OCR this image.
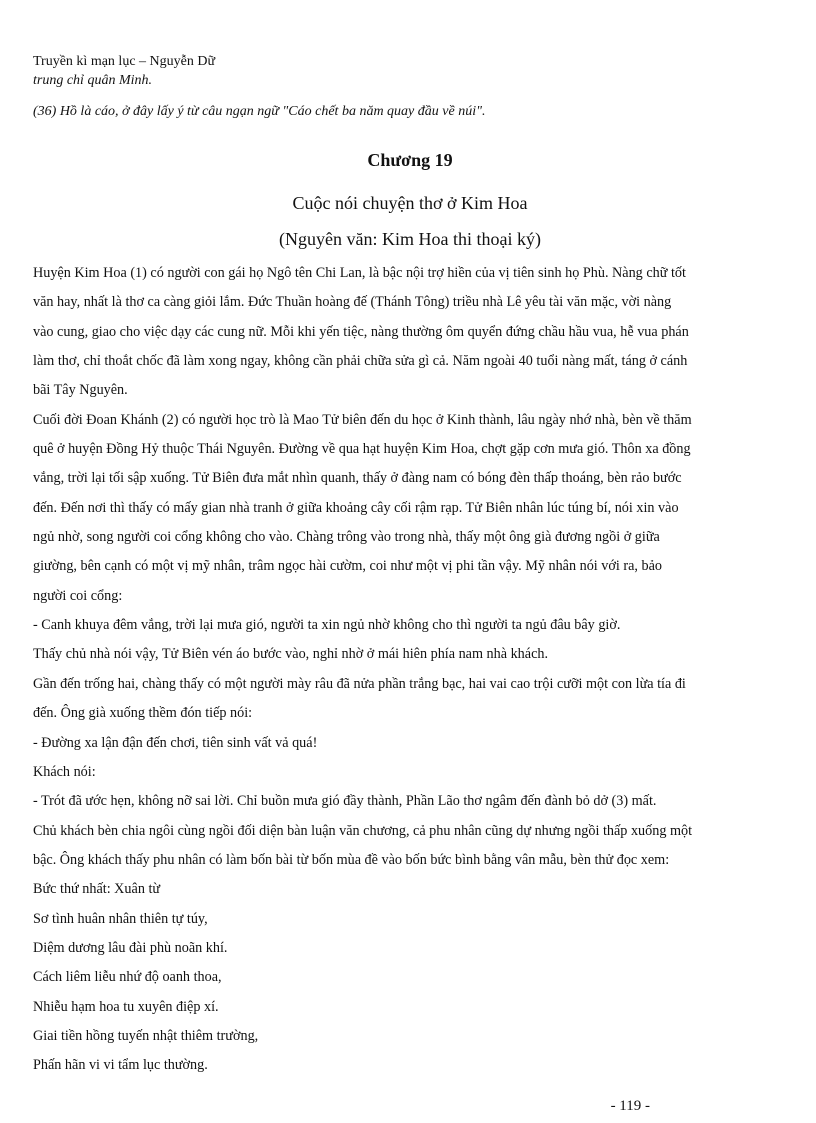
Truyền kì mạn lục – Nguyễn Dữ
trung chỉ quân Minh.
(36) Hồ là cáo, ở đây lấy ý từ câu ngạn ngữ "Cáo chết ba năm quay đầu về núi".
Chương 19
Cuộc nói chuyện thơ ở Kim Hoa
(Nguyên văn: Kim Hoa thi thoại ký)
Huyện Kim Hoa (1) có người con gái họ Ngô tên Chi Lan, là bậc nội trợ hiền của vị tiên sinh họ Phù. Nàng chữ tốt
văn hay, nhất là thơ ca càng giỏi lắm. Đức Thuần hoàng đế (Thánh Tông) triều nhà Lê yêu tài văn mặc, vời nàng
vào cung, giao cho việc dạy các cung nữ. Mỗi khi yến tiệc, nàng thường ôm quyển đứng chầu hầu vua, hễ vua phán
làm thơ, chỉ thoắt chốc đã làm xong ngay, không cần phải chữa sửa gì cả. Năm ngoài 40 tuổi nàng mất, táng ở cánh
bãi Tây Nguyên.
Cuối đời Đoan Khánh (2) có người học trò là Mao Tử biên đến du học ở Kinh thành, lâu ngày nhớ nhà, bèn về thăm
quê ở huyện Đồng Hỷ thuộc Thái Nguyên. Đường về qua hạt huyện Kim Hoa, chợt gặp cơn mưa gió. Thôn xa đồng
vắng, trời lại tối sập xuống. Tử Biên đưa mắt nhìn quanh, thấy ở đàng nam có bóng đèn thấp thoáng, bèn rảo bước
đến. Đến nơi thì thấy có mấy gian nhà tranh ở giữa khoảng cây cối rậm rạp. Tử Biên nhân lúc túng bí, nói xin vào
ngủ nhờ, song người coi cổng không cho vào. Chàng trông vào trong nhà, thấy một ông già đương ngồi ở giữa
giường, bên cạnh có một vị mỹ nhân, trâm ngọc hài cườm, coi như một vị phi tần vậy. Mỹ nhân nói với ra, bảo
người coi cổng:
- Canh khuya đêm vắng, trời lại mưa gió, người ta xin ngủ nhờ không cho thì người ta ngủ đâu bây giờ.
Thấy chủ nhà nói vậy, Tử Biên vén áo bước vào, nghỉ nhờ ở mái hiên phía nam nhà khách.
Gần đến trống hai, chàng thấy có một người mày râu đã nửa phần trắng bạc, hai vai cao trội cưỡi một con lừa tía đi
đến. Ông già xuống thềm đón tiếp nói:
- Đường xa lận đận đến chơi, tiên sinh vất vả quá!
Khách nói:
- Trót đã ước hẹn, không nỡ sai lời. Chỉ buồn mưa gió đầy thành, Phần Lão thơ ngâm đến đành bỏ dở (3) mất.
Chủ khách bèn chia ngôi cùng ngồi đối diện bàn luận văn chương, cả phu nhân cũng dự nhưng ngồi thấp xuống một
bậc. Ông khách thấy phu nhân có làm bốn bài từ bốn mùa đề vào bốn bức bình bằng vân mẫu, bèn thử đọc xem:
Bức thứ nhất: Xuân từ
Sơ tình huân nhân thiên tự túy,
Diệm dương lâu đài phù noãn khí.
Cách liêm liễu nhứ độ oanh thoa,
Nhiễu hạm hoa tu xuyên điệp xí.
Giai tiền hồng tuyến nhật thiêm trường,
Phấn hãn vi vi tẩm lục thường.
- 119 -
